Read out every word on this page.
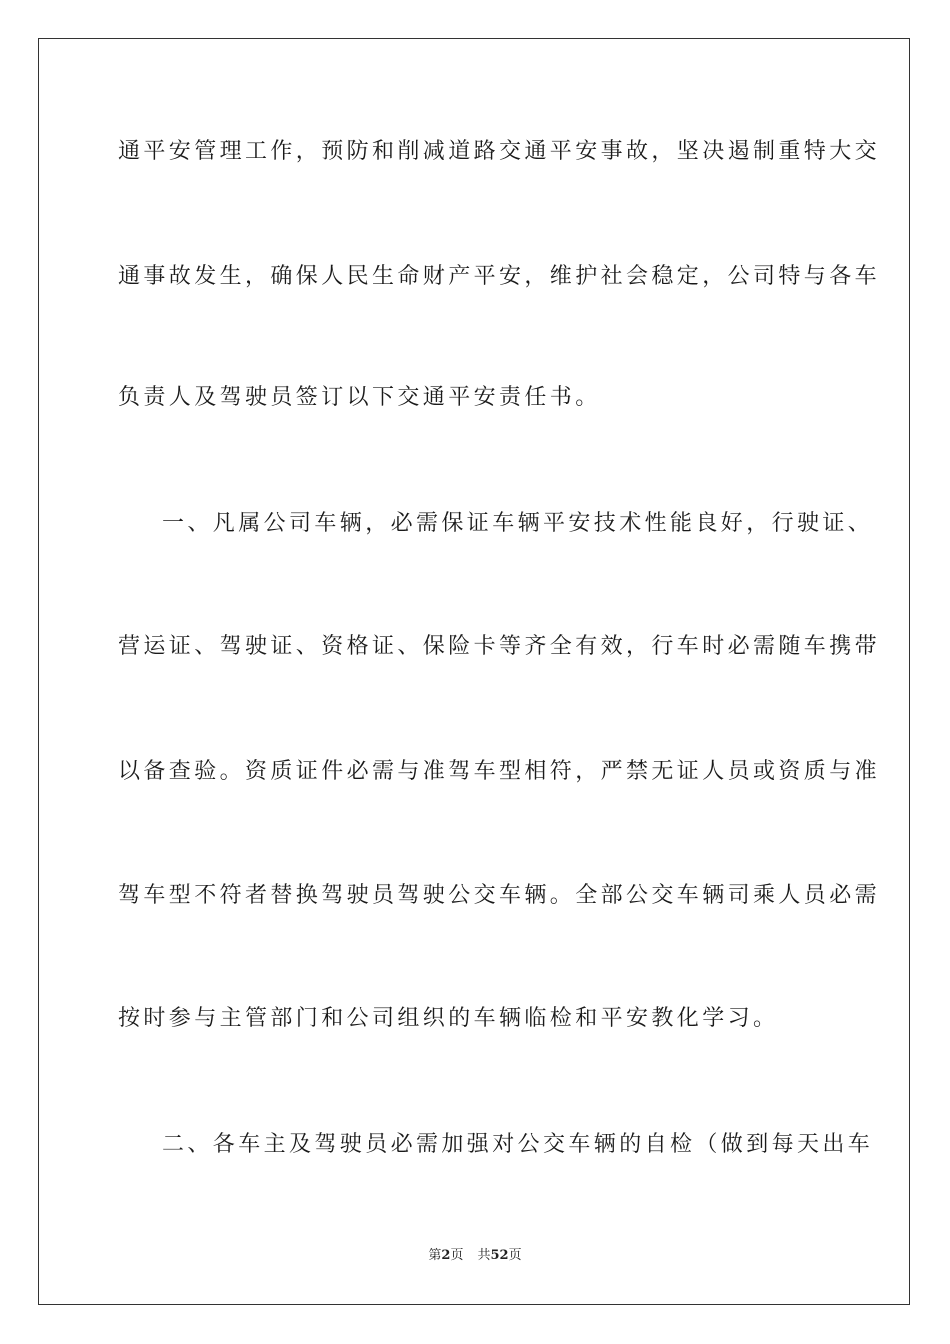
通平安管理工作，预防和削减道路交通平安事故，坚决遏制重特大交
通事故发生，确保人民生命财产平安，维护社会稳定，公司特与各车
负责人及驾驶员签订以下交通平安责任书。
一、凡属公司车辆，必需保证车辆平安技术性能良好，行驶证、
营运证、驾驶证、资格证、保险卡等齐全有效，行车时必需随车携带
以备查验。资质证件必需与准驾车型相符，严禁无证人员或资质与准
驾车型不符者替换驾驶员驾驶公交车辆。全部公交车辆司乘人员必需
按时参与主管部门和公司组织的车辆临检和平安教化学习。
二、各车主及驾驶员必需加强对公交车辆的自检（做到每天出车
第2页 共52页
